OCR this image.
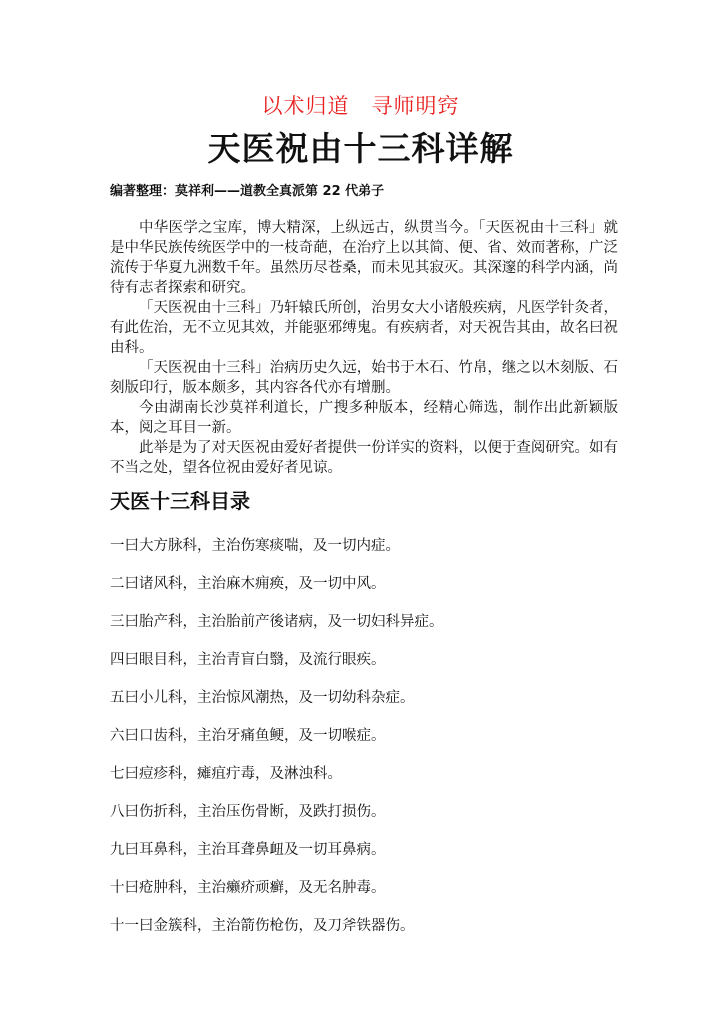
以术归道　寻师明窍
天医祝由十三科详解
编著整理：莫祥利——道教全真派第 22 代弟子

中华医学之宝库，博大精深，上纵远古，纵贯当今。「天医祝由十三科」就是中华民族传统医学中的一枝奇葩，在治疗上以其简、便、省、效而著称，广泛流传于华夏九洲数千年。虽然历尽苍桑，而未见其寂灭。其深邃的科学内涵，尚待有志者探索和研究。

「天医祝由十三科」乃轩辕氏所创，治男女大小诸般疾病，凡医学针灸者，有此佐治，无不立见其效，并能驱邪缚鬼。有疾病者，对天祝告其由，故名曰祝由科。

「天医祝由十三科」治病历史久远，始书于木石、竹帛，继之以木刻版、石刻版印行，版本颇多，其内容各代亦有增删。

今由湖南长沙莫祥利道长，广搜多种版本，经精心筛选，制作出此新颖版本，阅之耳目一新。

此举是为了对天医祝由爱好者提供一份详实的资料，以便于查阅研究。如有不当之处，望各位祝由爱好者见谅。

天医十三科目录
一曰大方脉科，主治伤寒痰喘，及一切内症。
二曰诸风科，主治麻木痈痪，及一切中风。
三曰胎产科，主治胎前产後诸病，及一切妇科异症。
四曰眼目科，主治青盲白翳，及流行眼疾。
五曰小儿科，主治惊风潮热，及一切幼科杂症。
六曰口齿科，主治牙痛鱼鲠，及一切喉症。
七曰痘疹科，瘫疽疔毒，及淋浊科。
八曰伤折科，主治压伤骨断，及跌打损伤。
九曰耳鼻科，主治耳聋鼻衄及一切耳鼻病。
十曰疮肿科，主治癞疥顽癣，及无名肿毒。
十一曰金簇科，主治箭伤枪伤，及刀斧铁器伤。
